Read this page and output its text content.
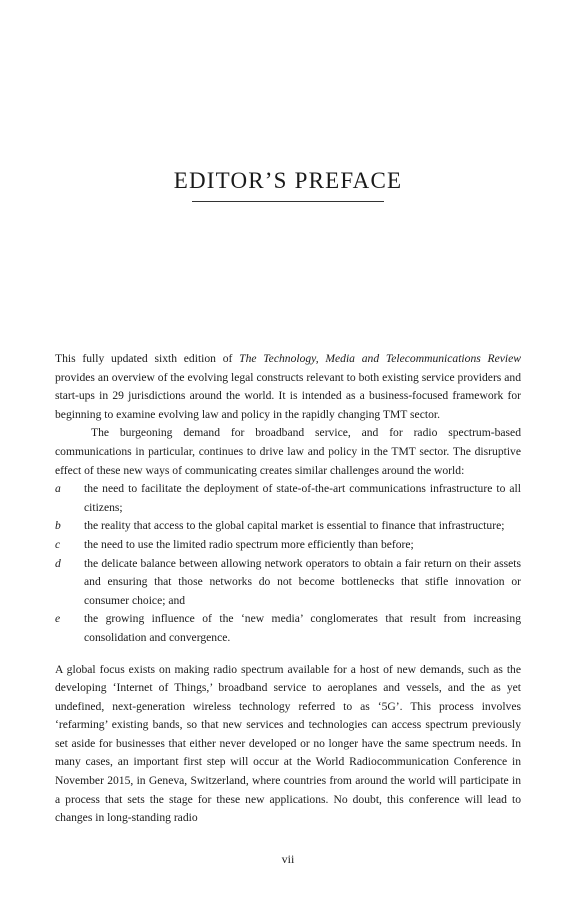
EDITOR’S PREFACE

This fully updated sixth edition of The Technology, Media and Telecommunications Review provides an overview of the evolving legal constructs relevant to both existing service providers and start-ups in 29 jurisdictions around the world. It is intended as a business-focused framework for beginning to examine evolving law and policy in the rapidly changing TMT sector.

The burgeoning demand for broadband service, and for radio spectrum-based communications in particular, continues to drive law and policy in the TMT sector. The disruptive effect of these new ways of communicating creates similar challenges around the world:

a the need to facilitate the deployment of state-of-the-art communications infrastructure to all citizens;
b the reality that access to the global capital market is essential to finance that infrastructure;
c the need to use the limited radio spectrum more efficiently than before;
d the delicate balance between allowing network operators to obtain a fair return on their assets and ensuring that those networks do not become bottlenecks that stifle innovation or consumer choice; and
e the growing influence of the ‘new media’ conglomerates that result from increasing consolidation and convergence.

A global focus exists on making radio spectrum available for a host of new demands, such as the developing ‘Internet of Things,’ broadband service to aeroplanes and vessels, and the as yet undefined, next-generation wireless technology referred to as ‘5G’. This process involves ‘refarming’ existing bands, so that new services and technologies can access spectrum previously set aside for businesses that either never developed or no longer have the same spectrum needs. In many cases, an important first step will occur at the World Radiocommunication Conference in November 2015, in Geneva, Switzerland, where countries from around the world will participate in a process that sets the stage for these new applications. No doubt, this conference will lead to changes in long-standing radio

vii
